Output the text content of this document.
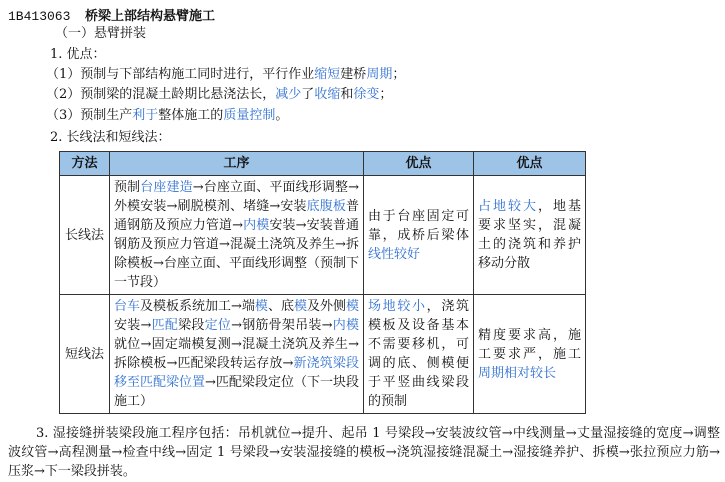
1B413063 桥梁上部结构悬臂施工
（一）悬臂拼装
1. 优点：
（1）预制与下部结构施工同时进行，平行作业缩短建桥周期；
（2）预制梁的混凝土龄期比悬浇法长，减少了收缩和徐变；
（3）预制生产利于整体施工的质量控制。
2. 长线法和短线法：
方法	工序	优点	优点
长线法	预制台座建造→台座立面、平面线形调整→外模安装→刷脱模剂、堵缝→安装底腹板普通钢筋及预应力管道→内模安装→安装普通钢筋及预应力管道→混凝土浇筑及养生→拆除模板→台座立面、平面线形调整（预制下一节段）	由于台座固定可靠，成桥后梁体线性较好	占地较大，地基要求坚实，混凝土的浇筑和养护移动分散
短线法	台车及模板系统加工→端模、底模及外侧模安装→匹配梁段定位→钢筋骨架吊装→内模就位→固定端模复测→混凝土浇筑及养生→拆除模板→匹配梁段转运存放→新浇筑梁段移至匹配梁位置→匹配梁段定位（下一块段施工）	场地较小，浇筑模板及设备基本不需要移机，可调的底、侧模便于平竖曲线梁段的预制	精度要求高，施工要求严，施工周期相对较长
3. 湿接缝拼装梁段施工程序包括：吊机就位→提升、起吊 1 号梁段→安装波纹管→中线测量→丈量湿接缝的宽度→调整波纹管→高程测量→检查中线→固定 1 号梁段→安装湿接缝的模板→浇筑湿接缝混凝土→湿接缝养护、拆模→张拉预应力筋→压浆→下一梁段拼装。
